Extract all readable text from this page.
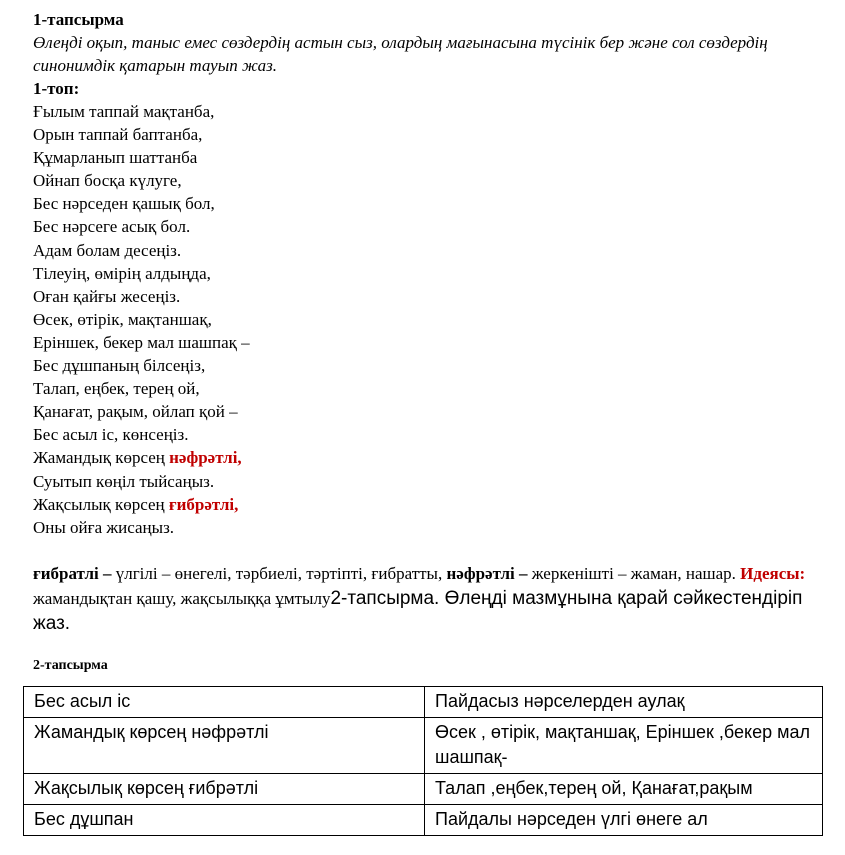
1-тапсырма
Өлеңді оқып, таныс емес сөздердің астын сыз, олардың мағынасына түсінік бер және сол сөздердің синонимдік қатарын тауып жаз.
1-топ:
Ғылым таппай мақтанба,
Орын таппай баптанба,
Құмарланып шаттанба
Ойнап босқа күлуге,
Бес нәрседен қашық бол,
Бес нәрсеге асық бол.
Адам болам десеңіз.
Тілеуің, өмірің алдыңда,
Оған қайғы жесеңіз.
Өсек, өтірік, мақтаншақ,
Еріншек, бекер мал шашпақ –
Бес дұшпаның білсеңіз,
Талап, еңбек, терең ой,
Қанағат, рақым, ойлап қой –
Бес асыл іс, көнсеңіз.
Жамандық көрсең нәфрәтлі,
Суытып көңіл тыйсаңыз.
Жақсылық көрсең ғибрәтлі,
Оны ойға жисаңыз.
ғибратлі – үлгілі – өнегелі, тәрбиелі, тәртіпті, ғибратты, нәфрәтлі – жеркенішті – жаман, нашар. Идеясы: жамандықтан қашу, жақсылыққа ұмтылу2-тапсырма. Өлеңді мазмұнына қарай сәйкестендіріп жаз.
2-тапсырма
Бес асыл іс	Пайдасыз нәрселерден аулақ
Жамандық көрсең нәфрәтлі	Өсек , өтірік, мақтаншақ, Еріншек ,бекер мал шашпақ-
Жақсылық көрсең ғибрәтлі	Талап ,еңбек,терең ой, Қанағат,рақым
Бес дұшпан	Пайдалы нәрседен үлгі өнеге ал
